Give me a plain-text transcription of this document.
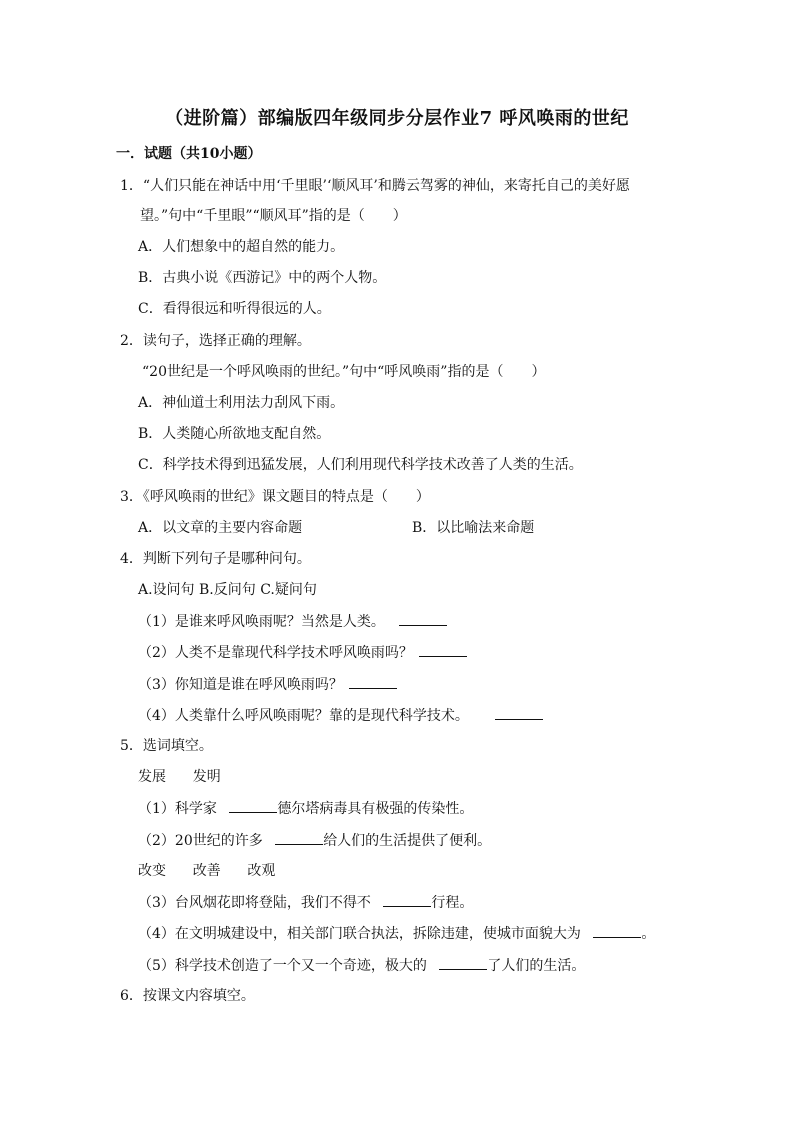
（进阶篇）部编版四年级同步分层作业7 呼风唤雨的世纪
一．试题（共10小题）
1．“人们只能在神话中用‘千里眼’‘顺风耳’和腾云驾雾的神仙，来寄托自己的美好愿
望。”句中“千里眼”“顺风耳”指的是（　　）
A．人们想象中的超自然的能力。
B．古典小说《西游记》中的两个人物。
C．看得很远和听得很远的人。
2．读句子，选择正确的理解。
“20世纪是一个呼风唤雨的世纪。”句中“呼风唤雨”指的是（　　）
A．神仙道士利用法力刮风下雨。
B．人类随心所欲地支配自然。
C．科学技术得到迅猛发展，人们利用现代科学技术改善了人类的生活。
3．《呼风唤雨的世纪》课文题目的特点是（　　）
A．以文章的主要内容命题	B．以比喻法来命题
4．判断下列句子是哪种问句。
A.设问句 B.反问句 C.疑问句
（1）是谁来呼风唤雨呢？当然是人类。
（2）人类不是靠现代科学技术呼风唤雨吗？
（3）你知道是谁在呼风唤雨吗？
（4）人类靠什么呼风唤雨呢？靠的是现代科学技术。
5．选词填空。
发展      发明
（1）科学家	德尔塔病毒具有极强的传染性。
（2）20世纪的许多	给人们的生活提供了便利。
改变      改善      改观
（3）台风烟花即将登陆，我们不得不	行程。
（4）在文明城建设中，相关部门联合执法，拆除违建，使城市面貌大为	。
（5）科学技术创造了一个又一个奇迹，极大的	了人们的生活。
6．按课文内容填空。
